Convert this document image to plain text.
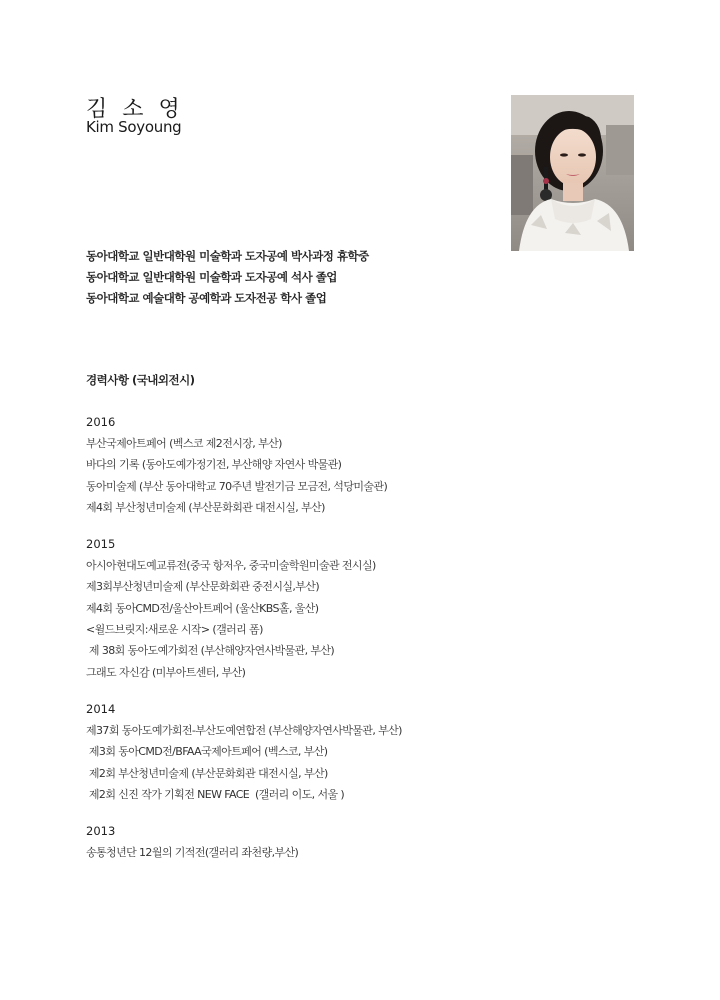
김 소 영
Kim Soyoung
동아대학교 일반대학원 미술학과 도자공예 박사과정 휴학중
동아대학교 일반대학원 미술학과 도자공예 석사 졸업
동아대학교 예술대학 공예학과 도자전공 학사 졸업
경력사항 (국내외전시)
2016
부산국제아트페어 (벡스코 제2전시장, 부산)
바다의 기록 (동아도예가정기전, 부산해양 자연사 박물관)
동아미술제 (부산 동아대학교 70주년 발전기금 모금전, 석당미술관)
제4회 부산청년미술제 (부산문화회관 대전시실, 부산)
2015
아시아현대도예교류전(중국 항저우, 중국미술학원미술관 전시실)
제3회부산청년미술제 (부산문화회관 중전시실,부산)
제4회 동아CMD전/울산아트페어 (울산KBS홀, 울산)
<윌드브릿지:새로운 시작> (갤러리 폼)
제 38회 동아도예가회전 (부산해양자연사박물관, 부산)
그래도 자신감 (미부아트센터, 부산)
2014
제37회 동아도예가회전-부산도예연합전 (부산해양자연사박물관, 부산)
제3회 동아CMD전/BFAA국제아트페어 (벡스코, 부산)
제2회 부산청년미술제 (부산문화회관 대전시실, 부산)
제2회 신진 작가 기획전 NEW FACE  (갤러리 이도, 서울 )
2013
송통청년단 12월의 기적전(갤러리 좌천량,부산)
